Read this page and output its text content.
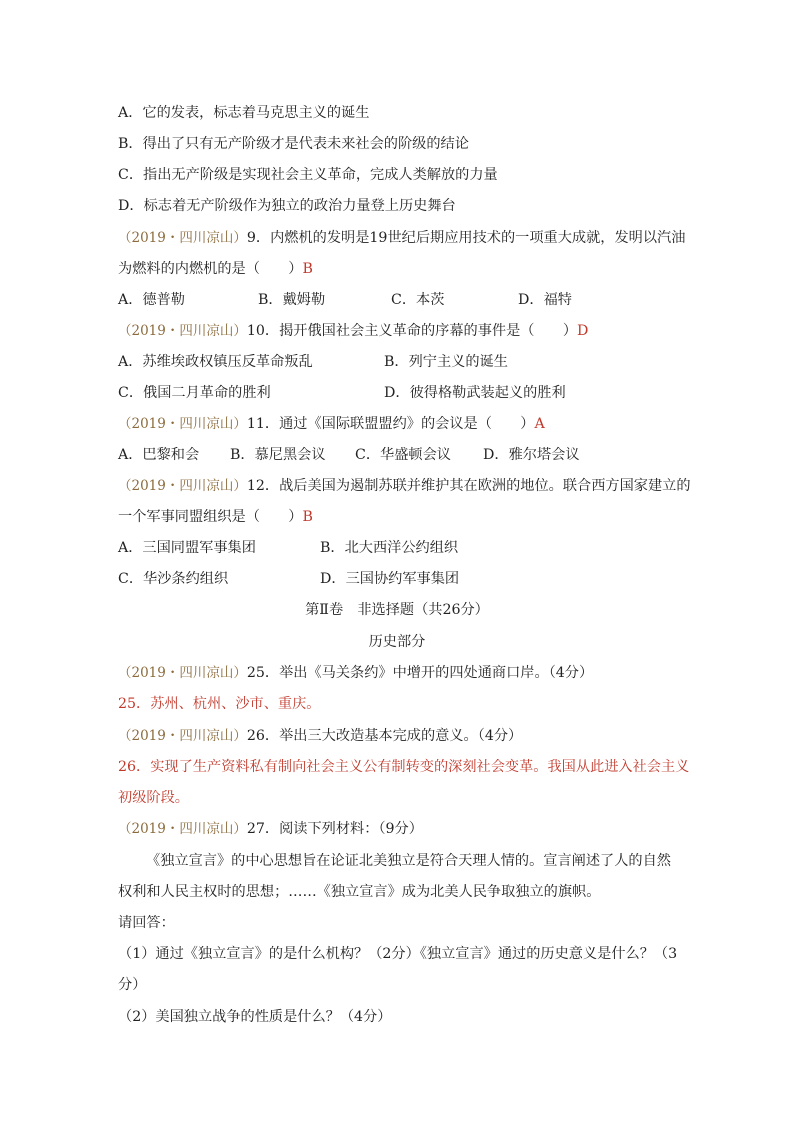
A．它的发表，标志着马克思主义的诞生
B．得出了只有无产阶级才是代表未来社会的阶级的结论
C．指出无产阶级是实现社会主义革命，完成人类解放的力量
D．标志着无产阶级作为独立的政治力量登上历史舞台
（2019・四川凉山）9．内燃机的发明是19世纪后期应用技术的一项重大成就，发明以汽油
为燃料的内燃机的是（　　）B
A．德普勒	B．戴姆勒	C．本茨	D．福特
（2019・四川凉山）10．揭开俄国社会主义革命的序幕的事件是（　　）D
A．苏维埃政权镇压反革命叛乱	B．列宁主义的诞生
C．俄国二月革命的胜利	D．彼得格勒武装起义的胜利
（2019・四川凉山）11．通过《国际联盟盟约》的会议是（　　）A
A．巴黎和会 B．慕尼黑会议 C．华盛顿会议 D．雅尔塔会议
（2019・四川凉山）12．战后美国为遏制苏联并维护其在欧洲的地位。联合西方国家建立的
一个军事同盟组织是（　　）B
A．三国同盟军事集团	B．北大西洋公约组织
C．华沙条约组织	D．三国协约军事集团
第Ⅱ卷　非选择题（共26分）
历史部分
（2019・四川凉山）25．举出《马关条约》中增开的四处通商口岸。（4分）
25．苏州、杭州、沙市、重庆。
（2019・四川凉山）26．举出三大改造基本完成的意义。（4分）
26．实现了生产资料私有制向社会主义公有制转变的深刻社会变革。我国从此进入社会主义
初级阶段。
（2019・四川凉山）27．阅读下列材料：（9分）
《独立宣言》的中心思想旨在论证北美独立是符合天理人情的。宣言阐述了人的自然
权利和人民主权时的思想；……《独立宣言》成为北美人民争取独立的旗帜。
请回答：
（1）通过《独立宣言》的是什么机构？（2分）《独立宣言》通过的历史意义是什么？（3
分）
（2）美国独立战争的性质是什么？（4分）
